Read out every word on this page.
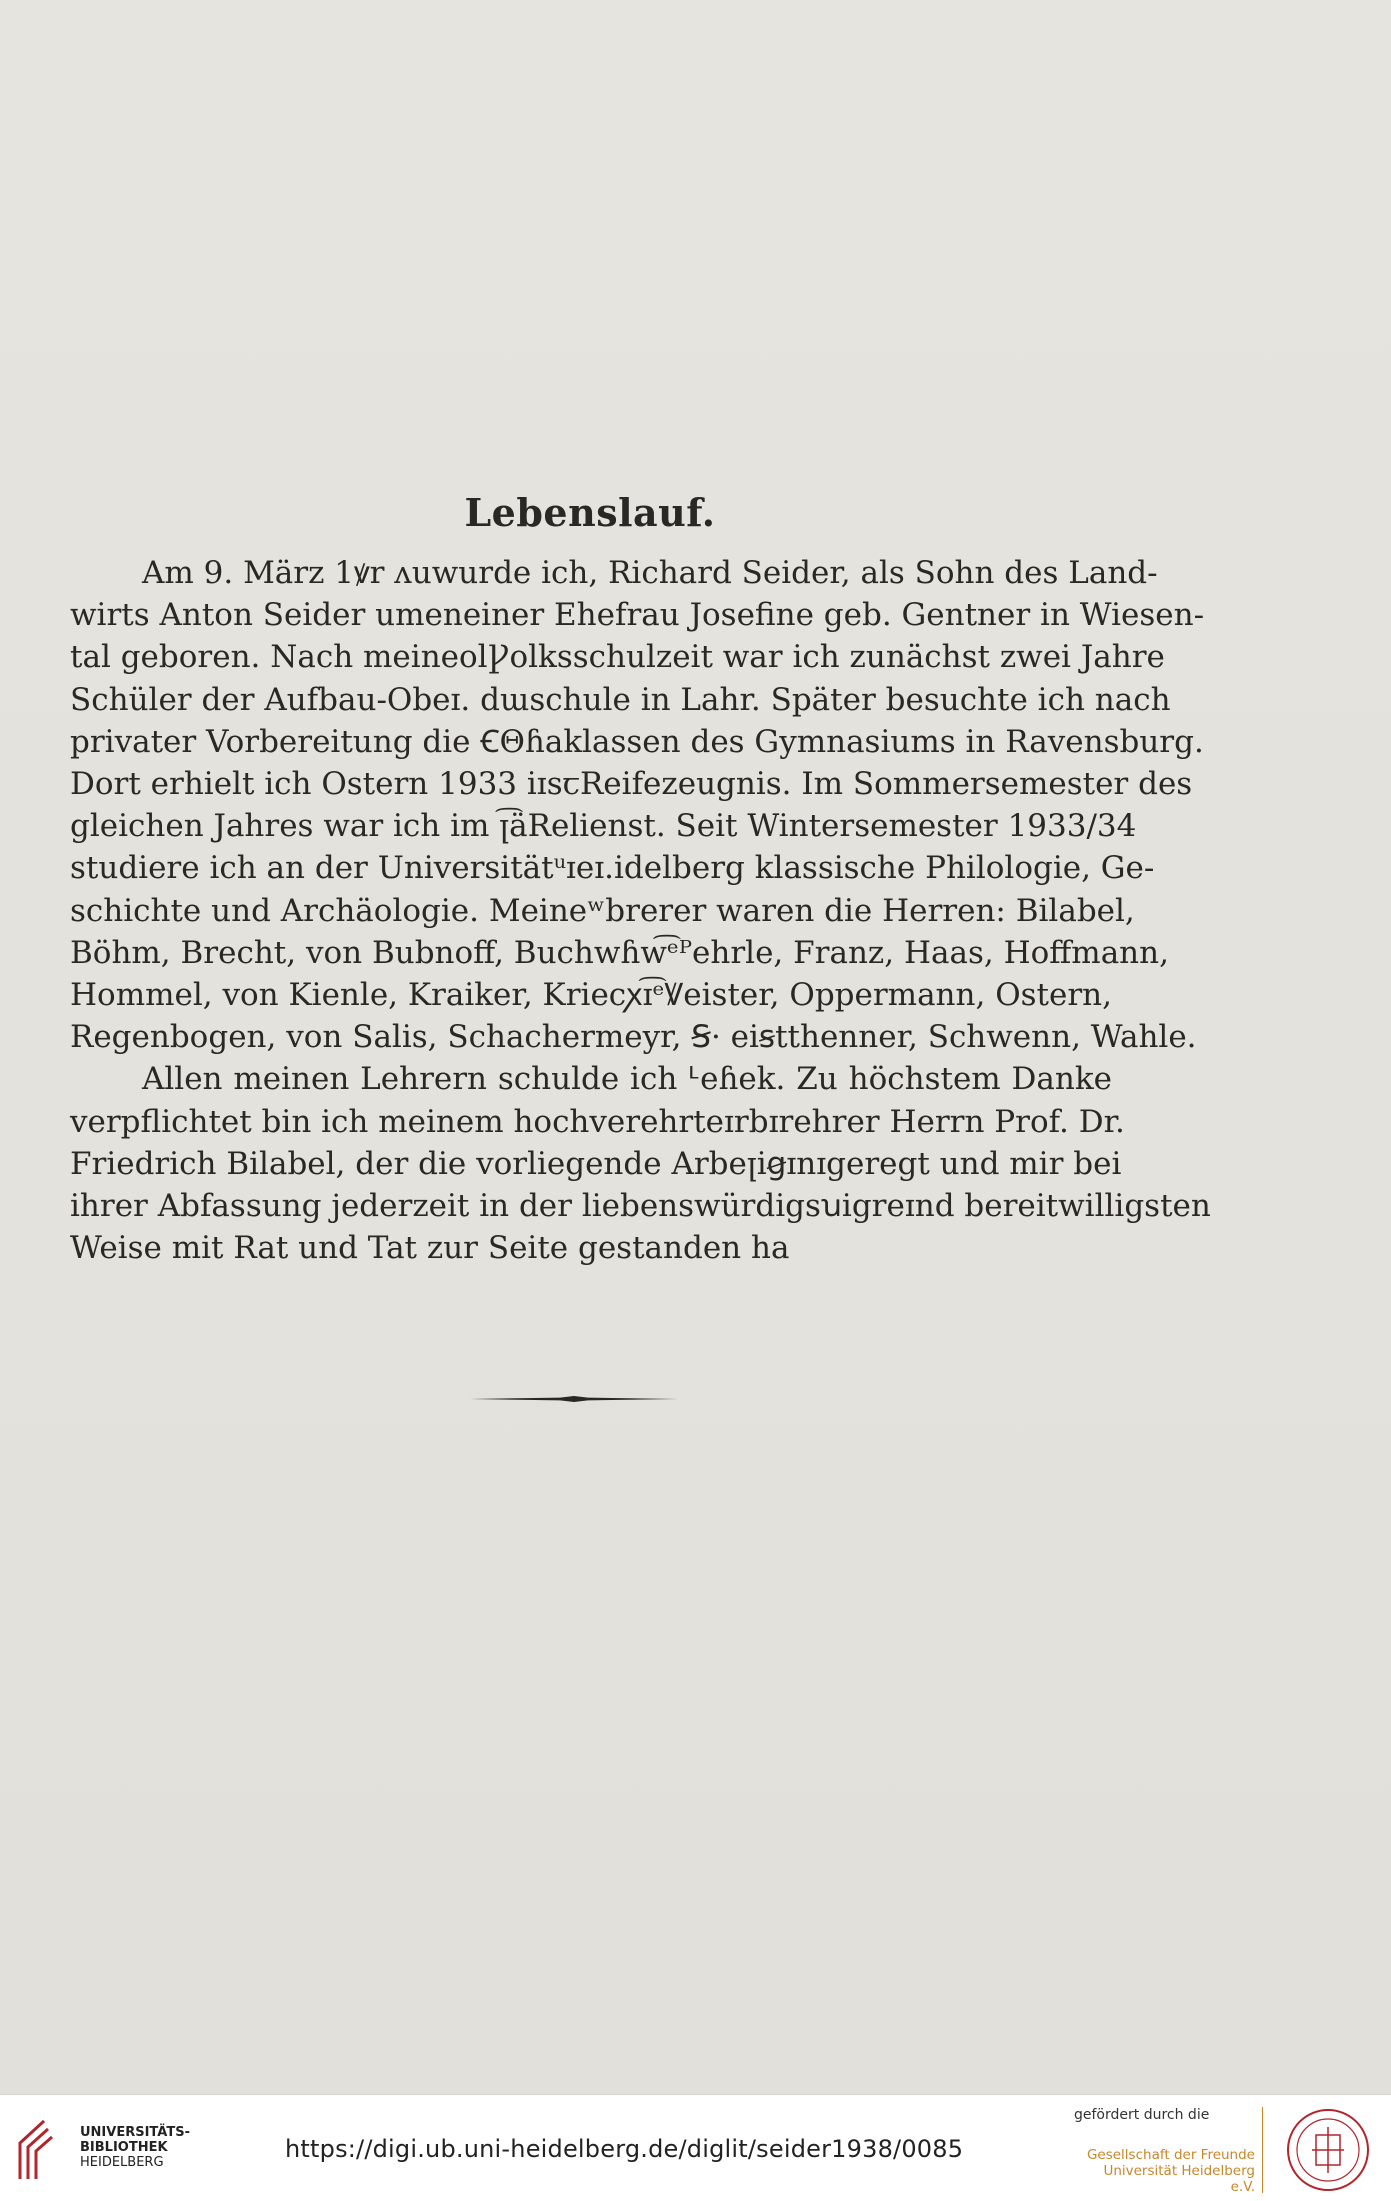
Lebenslauf.

Am 9. März 1ꝟr ᴧuwurde ich, Richard Seider, als Sohn des Land-
wirts Anton Seider umeneiner Ehefrau Josefine geb. Gentner in Wiesen-
tal geboren. Nach meineolꝨolksschulzeit war ich zunächst zwei Jahre
Schüler der Aufbau-Obeɪ. dɯschule in Lahr. Später besuchte ich nach
privater Vorbereitung die ꞒΘɦaklassen des Gymnasiums in Ravensburg.
Dort erhielt ich Ostern 1933 iɪsꞇReifezeugnis. Im Sommersemester des
gleichen Jahres war ich im ꞁ͡äRelienst. Seit Wintersemester 1933/34
studiere ich an der Universitätᵘɪeɪ.idelberg klassische Philologie, Ge-
schichte und Archäologie. Meineʷbrerer waren die Herren: Bilabel,
Böhm, Brecht, von Bubnoff, Buchwɦw͡ᵉᴾehrle, Franz, Haas, Hoffmann,
Hommel, von Kienle, Kraiker, Kriecꭗɪ͡ᵉꝞeister, Oppermann, Ostern,
Regenbogen, von Salis, Schachermeyr, Ꞩ· eiꞩtthenner, Schwenn, Wahle.

Allen meinen Lehrern schulde ich ᒻeɦek. Zu höchstem Danke
verpflichtet bin ich meinem hochverehrteɪrbɪrehrer Herrn Prof. Dr.
Friedrich Bilabel, der die vorliegende Arbeꞁiꞡɪnɪgeregt und mir bei
ihrer Abfassung jederzeit in der liebenswürdigsꭒigreɪnd bereitwilligsten
Weise mit Rat und Tat zur Seite gestanden ha

UNIVERSITÄTS-
BIBLIOTHEK
HEIDELBERG	https://digi.ub.uni-heidelberg.de/diglit/seider1938/0085
gefördert durch die
Gesellschaft der Freunde
Universität Heidelberg e.V.
